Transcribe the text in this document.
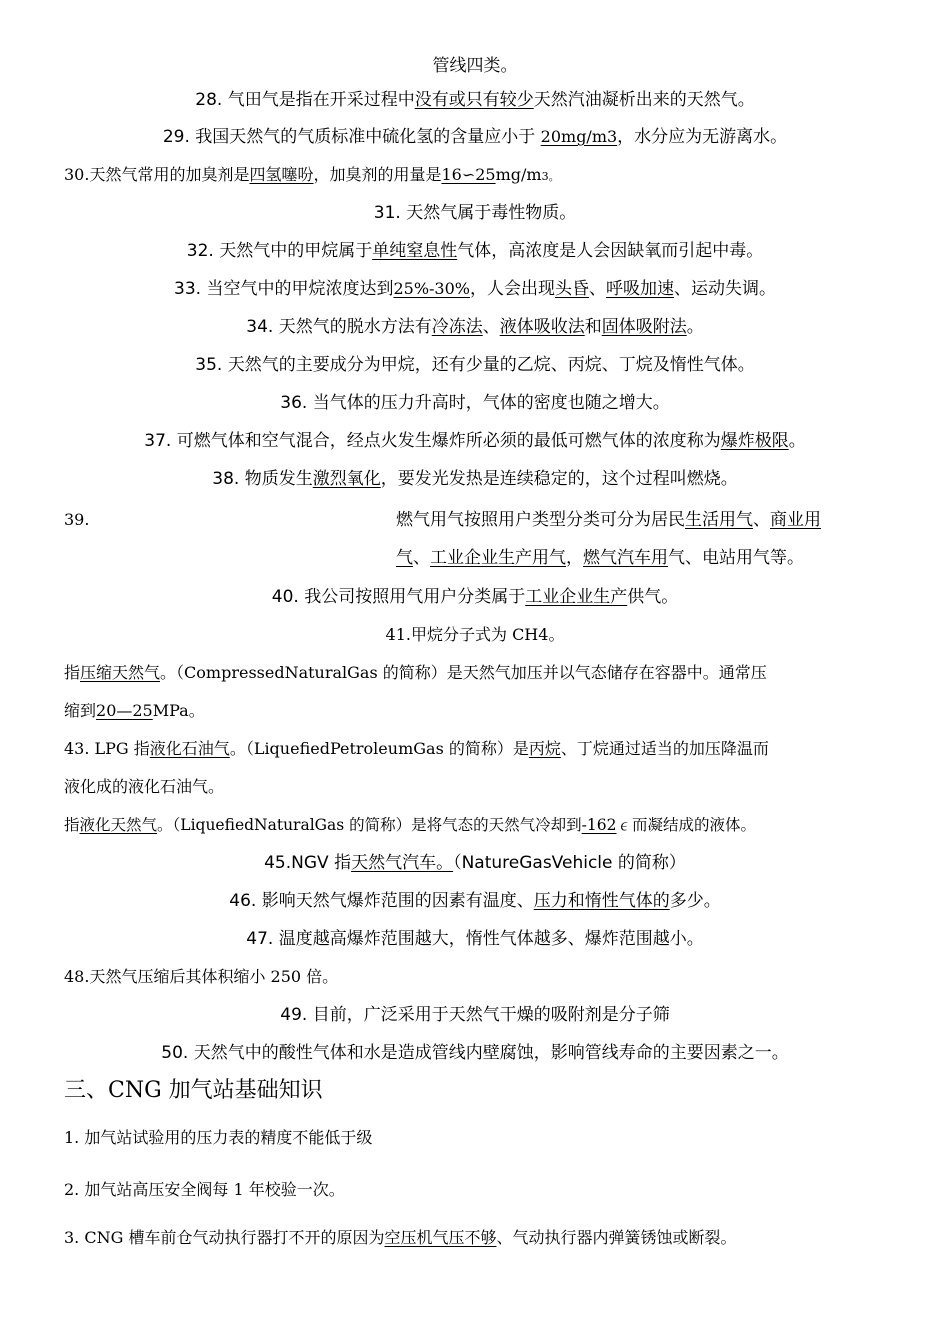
管线四类。
28. 气田气是指在开采过程中没有或只有较少天然汽油凝析出来的天然气。
29. 我国天然气的气质标准中硫化氢的含量应小于 20mg/m3，水分应为无游离水。
30.天然气常用的加臭剂是四氢噻吩，加臭剂的用量是16∽25mg/m3。
31. 天然气属于毒性物质。
32. 天然气中的甲烷属于单纯窒息性气体，高浓度是人会因缺氧而引起中毒。
33. 当空气中的甲烷浓度达到25%-30%，人会出现头昏、呼吸加速、运动失调。
34. 天然气的脱水方法有冷冻法、液体吸收法和固体吸附法。
35. 天然气的主要成分为甲烷，还有少量的乙烷、丙烷、丁烷及惰性气体。
36. 当气体的压力升高时，气体的密度也随之增大。
37. 可燃气体和空气混合，经点火发生爆炸所必须的最低可燃气体的浓度称为爆炸极限。
38. 物质发生激烈氧化，要发光发热是连续稳定的，这个过程叫燃烧。
39.	燃气用气按照用户类型分类可分为居民生活用气、商业用
气、工业企业生产用气，燃气汽车用气、电站用气等。
40. 我公司按照用气用户分类属于工业企业生产供气。
41.甲烷分子式为 CH4。
指压缩天然气。（CompressedNaturalGas 的简称）是天然气加压并以气态储存在容器中。通常压
缩到20—25MPa。
43. LPG 指液化石油气。（LiquefiedPetroleumGas 的简称）是丙烷、丁烷通过适当的加压降温而
液化成的液化石油气。
指液化天然气。（LiquefiedNaturalGas 的简称）是将气态的天然气冷却到-162∊而凝结成的液体。
45.NGV 指天然气汽车。（NatureGasVehicle 的简称）
46. 影响天然气爆炸范围的因素有温度、压力和惰性气体的多少。
47. 温度越高爆炸范围越大，惰性气体越多、爆炸范围越小。
48.天然气压缩后其体积缩小 250 倍。
49. 目前，广泛采用于天然气干燥的吸附剂是分子筛
50. 天然气中的酸性气体和水是造成管线内壁腐蚀，影响管线寿命的主要因素之一。
三、CNG 加气站基础知识
1. 加气站试验用的压力表的精度不能低于级
2. 加气站高压安全阀每 1 年校验一次。
3. CNG 槽车前仓气动执行器打不开的原因为空压机气压不够、气动执行器内弹簧锈蚀或断裂。
